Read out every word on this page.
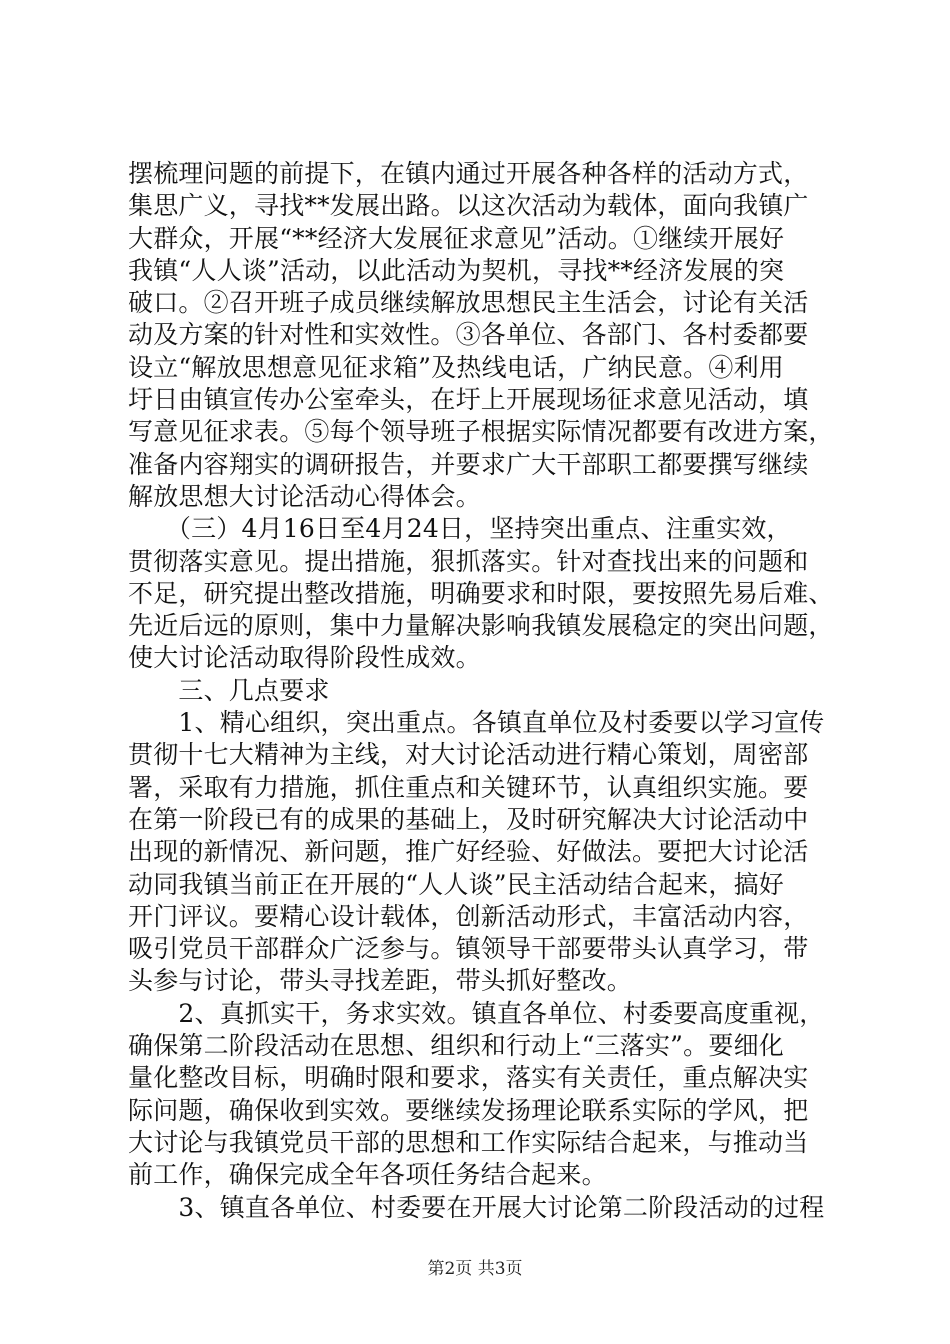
摆梳理问题的前提下，在镇内通过开展各种各样的活动方式，
集思广义，寻找**发展出路。以这次活动为载体，面向我镇广
大群众，开展“**经济大发展征求意见”活动。①继续开展好
我镇“人人谈”活动，以此活动为契机，寻找**经济发展的突
破口。②召开班子成员继续解放思想民主生活会，讨论有关活
动及方案的针对性和实效性。③各单位、各部门、各村委都要
设立“解放思想意见征求箱”及热线电话，广纳民意。④利用
圩日由镇宣传办公室牵头，在圩上开展现场征求意见活动，填
写意见征求表。⑤每个领导班子根据实际情况都要有改进方案，
准备内容翔实的调研报告，并要求广大干部职工都要撰写继续
解放思想大讨论活动心得体会。
　　（三）4月16日至4月24日，坚持突出重点、注重实效，
贯彻落实意见。提出措施，狠抓落实。针对查找出来的问题和
不足，研究提出整改措施，明确要求和时限，要按照先易后难、
先近后远的原则，集中力量解决影响我镇发展稳定的突出问题，
使大讨论活动取得阶段性成效。
　　三、几点要求
　　1、精心组织，突出重点。各镇直单位及村委要以学习宣传
贯彻十七大精神为主线，对大讨论活动进行精心策划，周密部
署，采取有力措施，抓住重点和关键环节，认真组织实施。要
在第一阶段已有的成果的基础上，及时研究解决大讨论活动中
出现的新情况、新问题，推广好经验、好做法。要把大讨论活
动同我镇当前正在开展的“人人谈”民主活动结合起来，搞好
开门评议。要精心设计载体，创新活动形式，丰富活动内容，
吸引党员干部群众广泛参与。镇领导干部要带头认真学习，带
头参与讨论，带头寻找差距，带头抓好整改。
　　2、真抓实干，务求实效。镇直各单位、村委要高度重视，
确保第二阶段活动在思想、组织和行动上“三落实”。要细化
量化整改目标，明确时限和要求，落实有关责任，重点解决实
际问题，确保收到实效。要继续发扬理论联系实际的学风，把
大讨论与我镇党员干部的思想和工作实际结合起来，与推动当
前工作，确保完成全年各项任务结合起来。
　　3、镇直各单位、村委要在开展大讨论第二阶段活动的过程
第2页 共3页
